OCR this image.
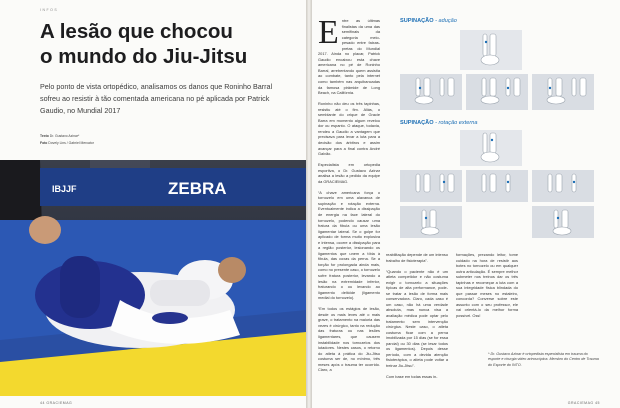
INFOS
A lesão que chocou
o mundo do Jiu-Jitsu

Pelo ponto de vista ortopédico, analisamos os danos que Roninho Barral sofreu ao resistir à tão comentada americana no pé aplicada por Patrick Gaudio, no Mundial 2017

Texto Dr. Gustavo Azinar*
Foto Dovely Lins / Gabriel Mercator
IBJJF	ZEBRA
44 GRACIEMAG
E ntre as últimas finalistas da uma das semifinais da categoria meio-pesado entre faixas-pretas do Mundial 2017. Ainda no placar, Patrick Gaudio encaixou esta chave americana no pé de Roninho Barral, arrebentando quem assistia ao combate, tanto pela internet como também nas arquibancadas da famosa pirâmide de Long Beach, na Califórnia.

Roninho não deu os três tapinhas, resistiu até o fim. Aliás, o semblante do crique de Gracie Barra em momento algum revelou dor ou espanto. O ataque, todavia, rendeu a Gaudio a vantagem que precisava para levar a luta para a decisão dos árbitros e assim avançar para a final contra André Galvão.

Especialista em ortopedia esportiva, o Dr. Gustavo Azinar analisa a lesão a pedido da equipe da GRACIEMAG.

“A chave americana força o tornozelo em uma alavanca de supinação e rotação externa. Eventualmente indica a dissipação de energia na face lateral do tornozelo, podendo causar uma fratura da fíbula ou uma lesão ligamentar lateral. Se o golpe for aplicado de forma muito explosiva e intensa, ocorre a dissipação para a região posterior, lesionando os ligamentos que unem a tíbia à fíbula, das coxas da perna. Se a torção for prolongada ainda mais, como no presente caso, o tornozelo sofre fratura posterior, levando a lesão na extremidade inferior, fraturando o ou levando ao ligamento deltóide (ligamento medial do tornozelo).

“Em todos os estágios de lesão, desde os mais leves até o mais grave, o tratamento na maioria das vezes é cirúrgico, tanto na redução das fraturas ou nas lesões ligamentares, que causem instabilidade nos tornozelos dos lutadores. Nestes casos, o retorno do atleta à prática do Jiu-Jitsu costuma ser de, no mínimo, três meses após o trauma ter ocorrido. Claro, a

reabilitação depende de um intenso trabalho de fisioterapia”.

“Quando o paciente não é um atleta competidor e não costuma exigir o tornozelo a situações típicas de alta performance, pode-se tratar a lesão de forma mais conservadora. Claro, cada caso é um caso, não há uma verdade absoluta, mas nunca visa a avaliação médica pode optar pelo tratamento sem intervenção cirúrgica. Neste caso, o atleta costuma ficar com a perna imobilizada por 15 dias (se for essa parcial) ou 30 dias (se lesar todos os ligamentos). Depois desse período, com a devida atenção fisioterápica, o atleta pode voltar a treinar Jiu-Jitsu”.

Com base em todas essas in-

formações, prezando leitor, tome cuidado na hora de resistir aos botes no tornozelo ou em qualquer outra articulação. É sempre melhor submeter nos treinos dar os três tapinhas e recomeçar a luta com a sua integridade física blindada do que passar meses no estaleiro, concorda? Converse sobre este assunto com o seu professor, ele vai orientá-lo da melhor forma possível. Oss!

SUPINAÇÃO - adução
SUPINAÇÃO - rotação externa
* Dr. Gustavo Azinar é ortopedista especialista em trauma do esporte e cirurgia video artroscópica. Membro do Centro de Trauma do Esporte do INTO.
GRACIEMAG 45
